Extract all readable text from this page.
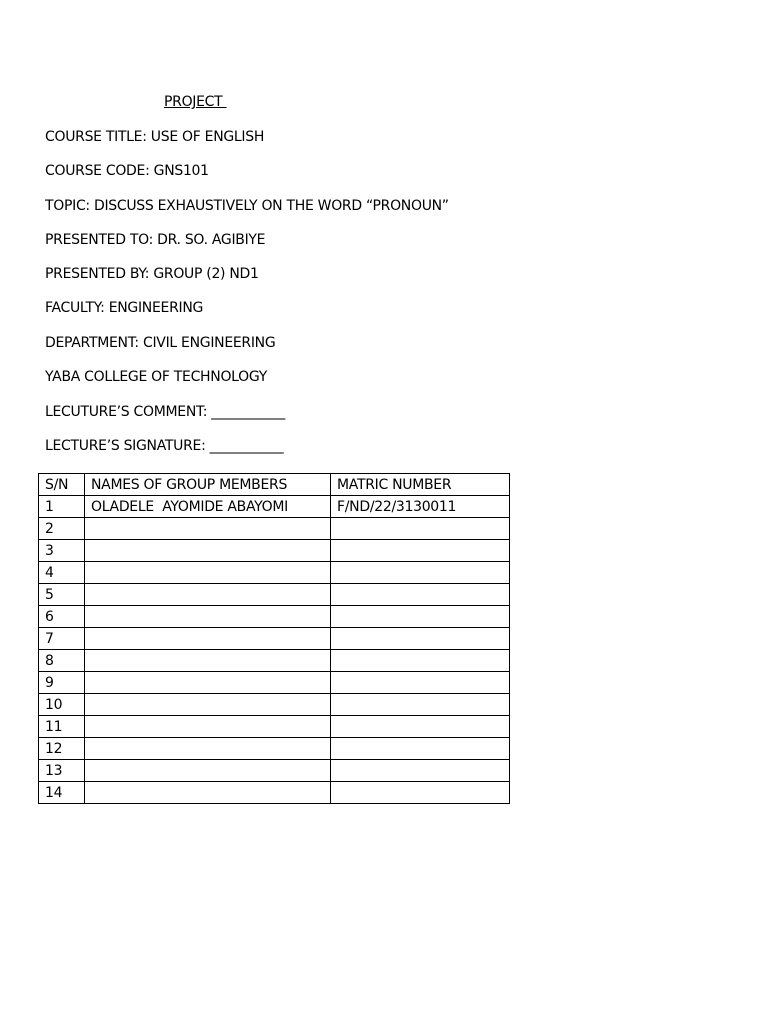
PROJECT
COURSE TITLE: USE OF ENGLISH
COURSE CODE: GNS101
TOPIC: DISCUSS EXHAUSTIVELY ON THE WORD “PRONOUN”
PRESENTED TO: DR. SO. AGIBIYE
PRESENTED BY: GROUP (2) ND1
FACULTY: ENGINEERING
DEPARTMENT: CIVIL ENGINEERING
YABA COLLEGE OF TECHNOLOGY
LECUTURE’S COMMENT: ___________
LECTURE’S SIGNATURE: ___________
S/N	NAMES OF GROUP MEMBERS	MATRIC NUMBER
1	OLADELE  AYOMIDE ABAYOMI	F/ND/22/3130011
2		
3		
4		
5		
6		
7		
8		
9		
10		
11		
12		
13		
14		
